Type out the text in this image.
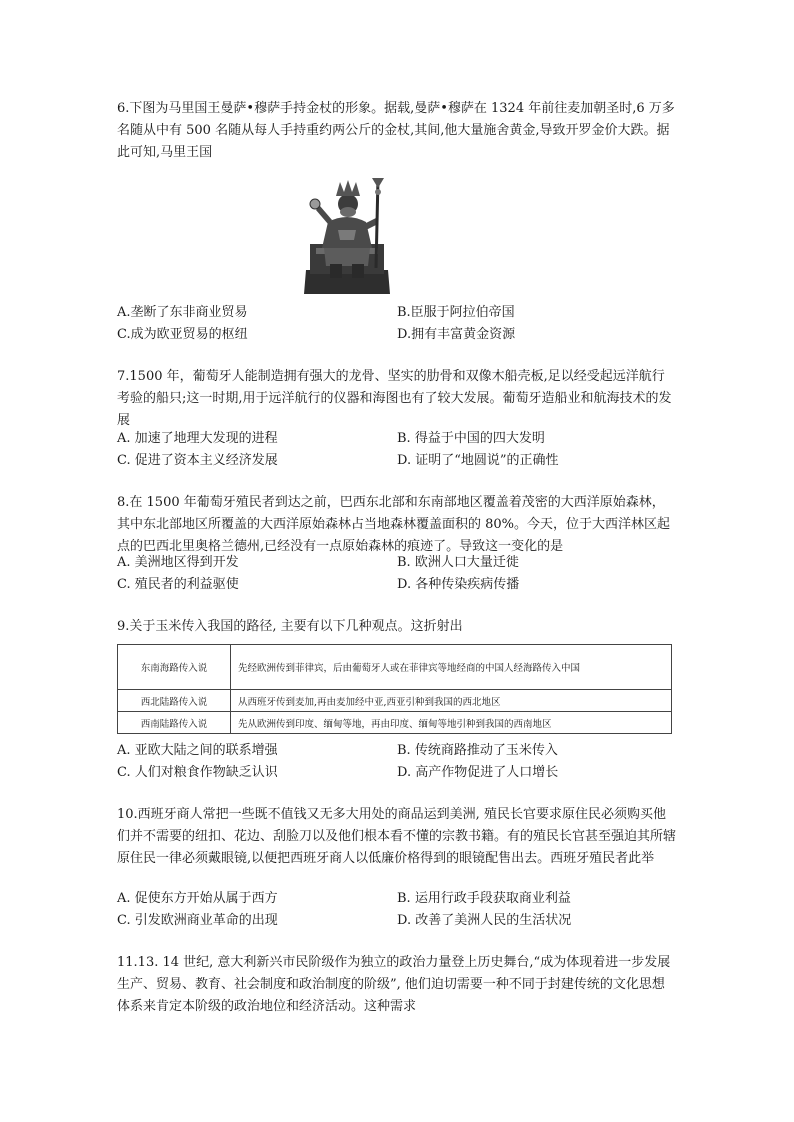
6.下图为马里国王曼萨•穆萨手持金杖的形象。据载,曼萨•穆萨在 1324 年前往麦加朝圣时,6 万多名随从中有 500 名随从每人手持重约两公斤的金杖,其间,他大量施舍黄金,导致开罗金价大跌。据此可知,马里王国

A.垄断了东非商业贸易	B.臣服于阿拉伯帝国
C.成为欧亚贸易的枢纽	D.拥有丰富黄金资源

7.1500 年，葡萄牙人能制造拥有强大的龙骨、坚实的肋骨和双像木船壳板,足以经受起远洋航行考验的船只;这一时期,用于远洋航行的仪器和海图也有了较大发展。葡萄牙造船业和航海技术的发展

A. 加速了地理大发现的进程	B. 得益于中国的四大发明
C. 促进了资本主义经济发展	D. 证明了“地圆说”的正确性

8.在 1500 年葡萄牙殖民者到达之前，巴西东北部和东南部地区覆盖着茂密的大西洋原始森林，其中东北部地区所覆盖的大西洋原始森林占当地森林覆盖面积的 80%。今天，位于大西洋林区起点的巴西北里奥格兰德州,已经没有一点原始森林的痕迹了。导致这一变化的是

A. 美洲地区得到开发	B. 欧洲人口大量迁徙
C. 殖民者的利益驱使	D. 各种传染疾病传播

9.关于玉米传入我国的路径, 主要有以下几种观点。这折射出

东南海路传入说	先经欧洲传到菲律宾，后由葡萄牙人或在菲律宾等地经商的中国人经海路传入中国
西北陆路传入说	从西班牙传到麦加,再由麦加经中亚,西亚引种到我国的西北地区
西南陆路传入说	先从欧洲传到印度、缅甸等地，再由印度、缅甸等地引种到我国的西南地区
A. 亚欧大陆之间的联系增强	B. 传统商路推动了玉米传入
C. 人们对粮食作物缺乏认识	D. 高产作物促进了人口增长

10.西班牙商人常把一些既不值钱又无多大用处的商品运到美洲, 殖民长官要求原住民必须购买他们并不需要的纽扣、花边、刮脸刀以及他们根本看不懂的宗教书籍。有的殖民长官甚至强迫其所辖原住民一律必须戴眼镜,以便把西班牙商人以低廉价格得到的眼镜配售出去。西班牙殖民者此举

A. 促使东方开始从属于西方	B. 运用行政手段获取商业利益
C. 引发欧洲商业革命的出现	D. 改善了美洲人民的生活状况

11.13. 14 世纪, 意大利新兴市民阶级作为独立的政治力量登上历史舞台,“成为体现着进一步发展生产、贸易、教育、社会制度和政治制度的阶级”, 他们迫切需要一种不同于封建传统的文化思想体系来肯定本阶级的政治地位和经济活动。这种需求
